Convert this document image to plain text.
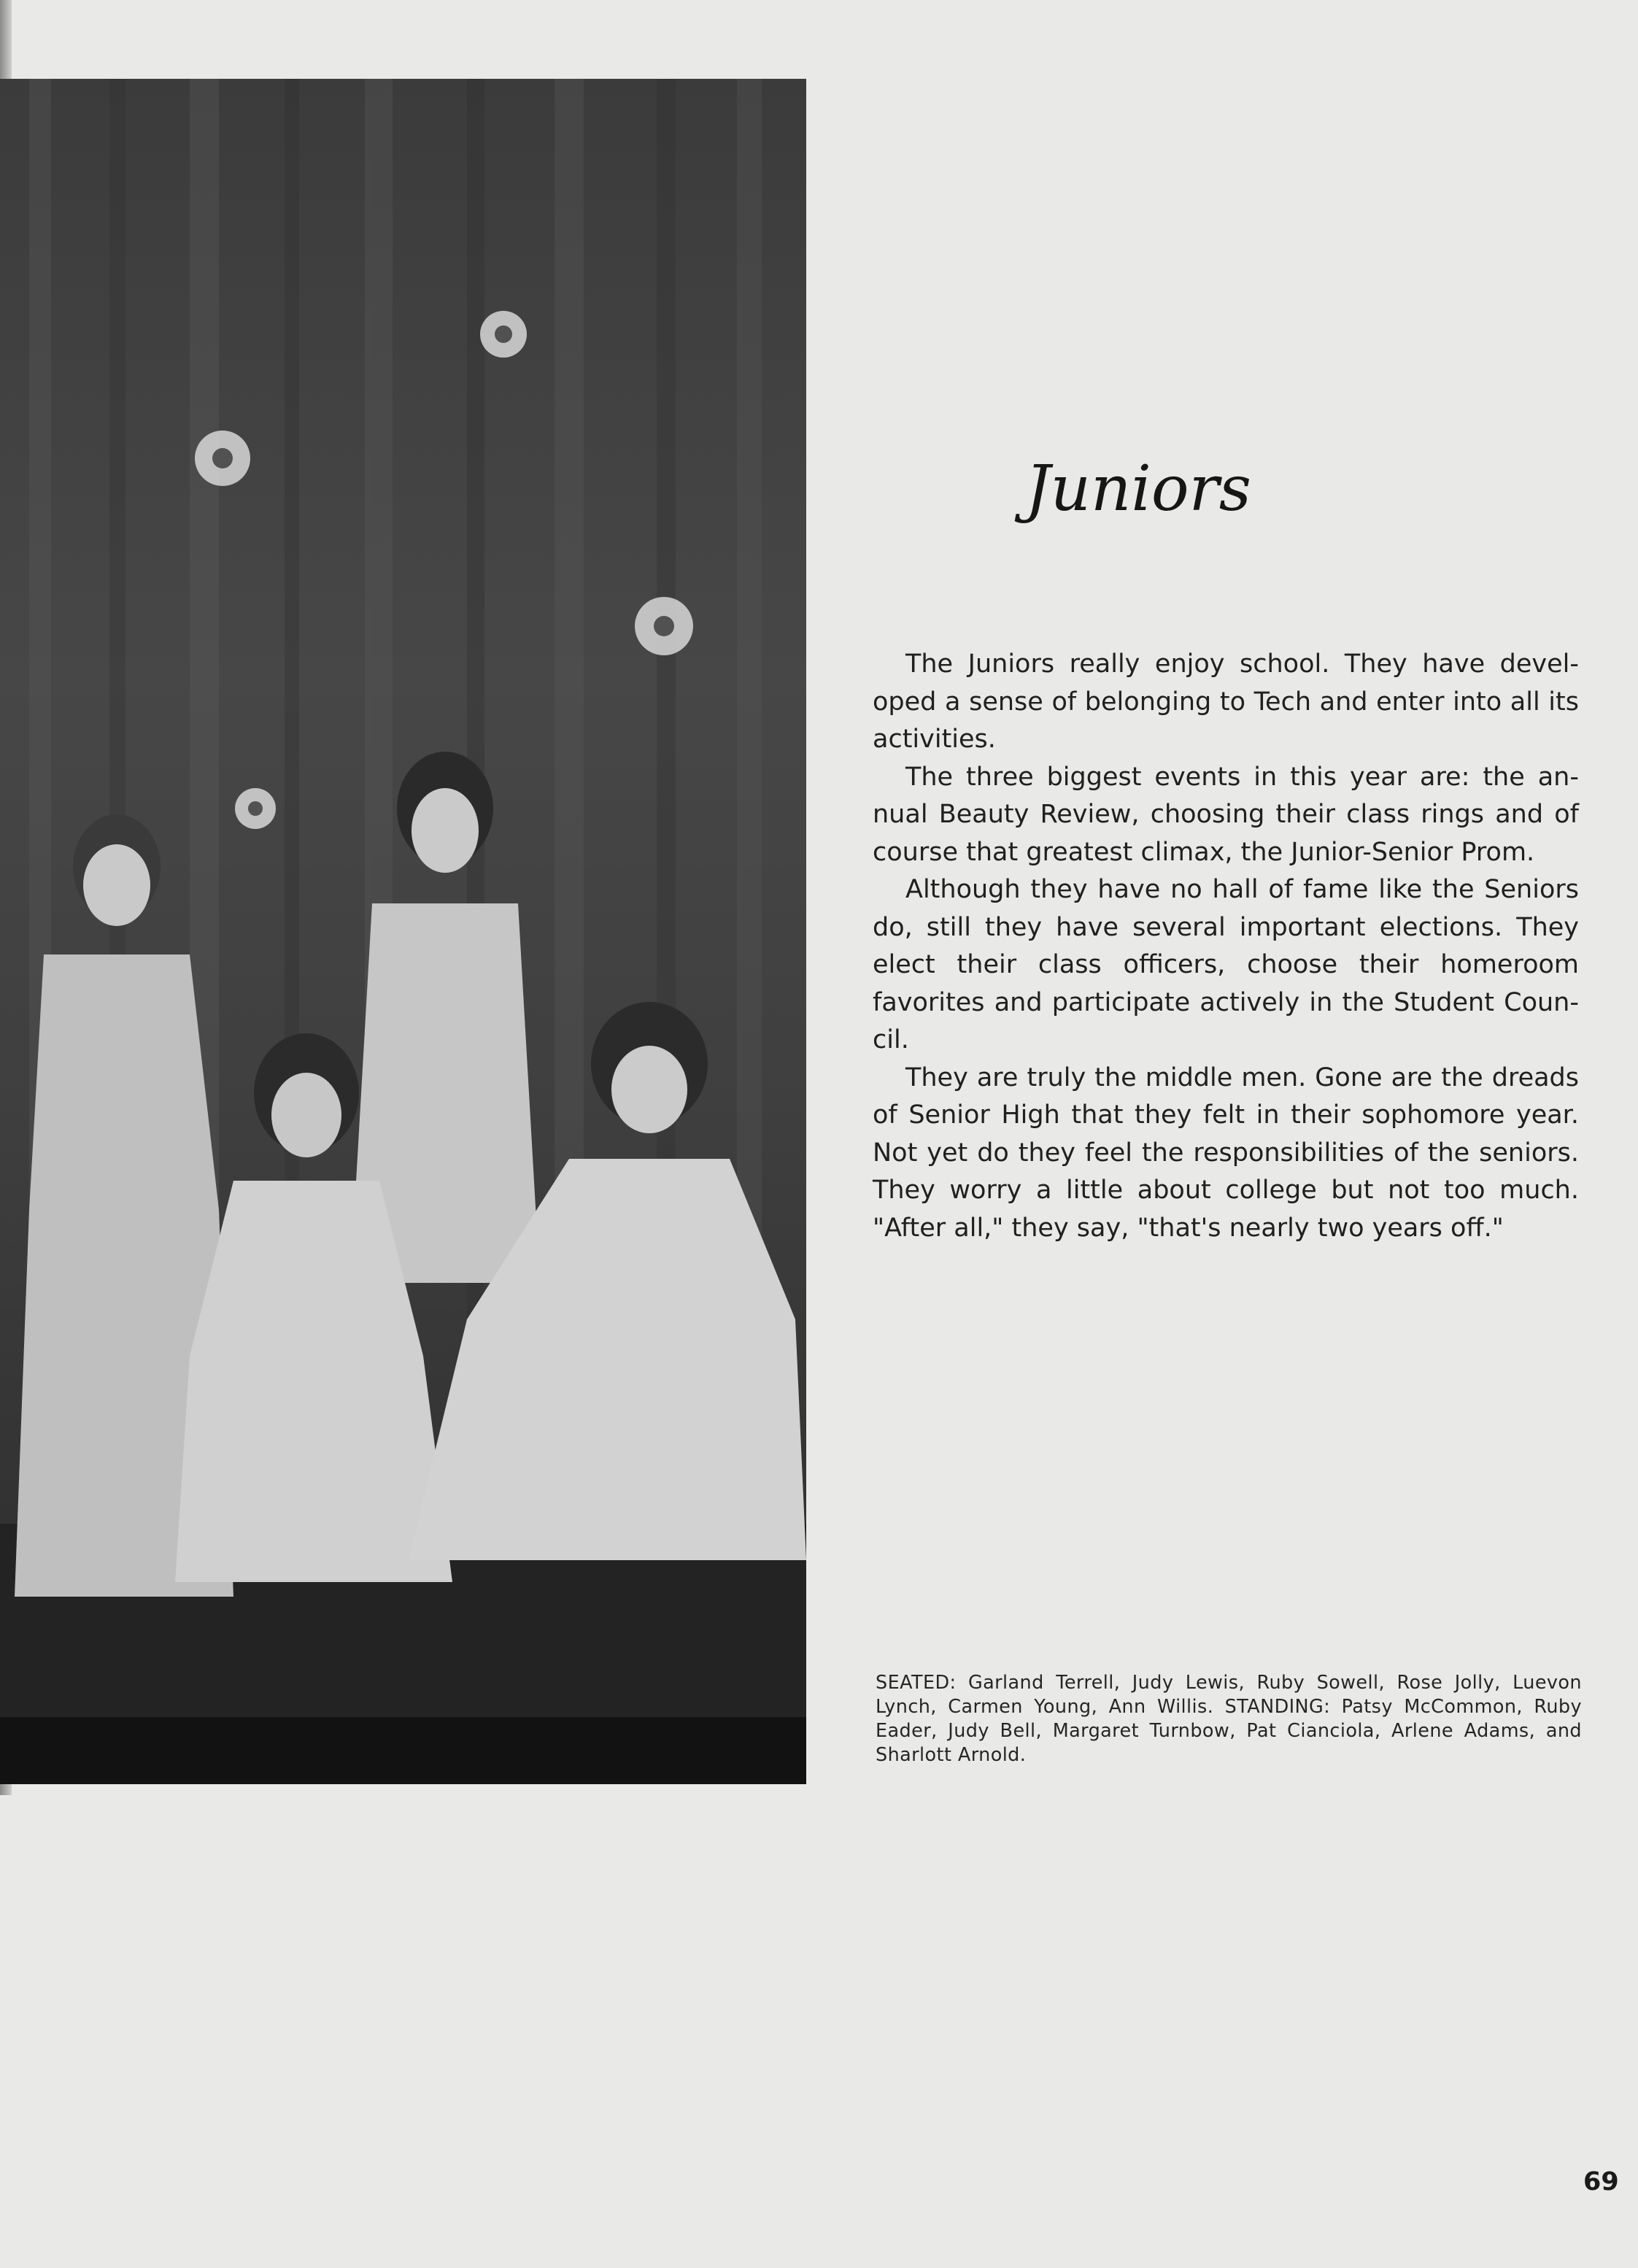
Juniors

The Juniors really enjoy school. They have devel-oped a sense of belonging to Tech and enter into all its activities.

The three biggest events in this year are: the an-nual Beauty Review, choosing their class rings and of course that greatest climax, the Junior-Senior Prom.

Although they have no hall of fame like the Seniors do, still they have several important elections. They elect their class officers, choose their homeroom favorites and participate actively in the Student Coun-cil.

They are truly the middle men. Gone are the dreads of Senior High that they felt in their sophomore year. Not yet do they feel the responsibilities of the seniors. They worry a little about college but not too much. "After all," they say, "that's nearly two years off."

SEATED: Garland Terrell, Judy Lewis, Ruby Sowell, Rose Jolly, Luevon Lynch, Carmen Young, Ann Willis. STANDING: Patsy McCommon, Ruby Eader, Judy Bell, Margaret Turnbow, Pat Cianciola, Arlene Adams, and Sharlott Arnold.
69
